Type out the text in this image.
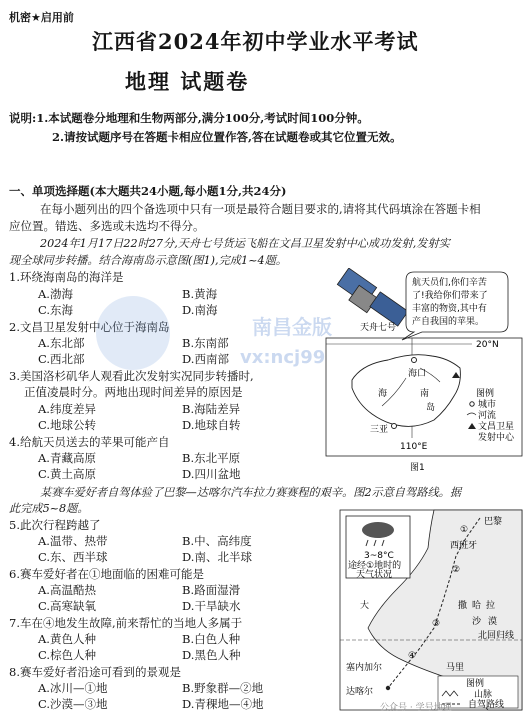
机密★启用前
江西省2024年初中学业水平考试
地理 试题卷
说明:1.本试题卷分地理和生物两部分,满分100分,考试时间100分钟。
2.请按试题序号在答题卡相应位置作答,答在试题卷或其它位置无效。
一、单项选择题(本大题共24小题,每小题1分,共24分)
在每小题列出的四个备选项中只有一项是最符合题目要求的,请将其代码填涂在答题卡相
应位置。错选、多选或未选均不得分。
2024年1月17日22时27分,天舟七号货运飞船在文昌卫星发射中心成功发射,发射实
现全球同步转播。结合海南岛示意图(图1),完成1~4题。
1.环绕海南岛的海洋是
A.渤海	B.黄海
C.东海	D.南海
2.文昌卫星发射中心位于海南岛
A.东北部	B.东南部
C.西北部	D.西南部
3.美国洛杉矶华人观看此次发射实况同步转播时,
正值凌晨时分。两地出现时间差异的原因是
A.纬度差异	B.海陆差异
C.地球公转	D.地球自转
4.给航天员送去的苹果可能产自
A.青藏高原	B.东北平原
C.黄土高原	D.四川盆地
某赛车爱好者自驾体验了巴黎—达喀尔汽车拉力赛赛程的艰辛。图2示意自驾路线。据
此完成5~8题。
5.此次行程跨越了
A.温带、热带	B.中、高纬度
C.东、西半球	D.南、北半球
6.赛车爱好者在①地面临的困难可能是
A.高温酷热	B.路面湿滑
C.高寒缺氧	D.干旱缺水
7.车在④地发生故障,前来帮忙的当地人多属于
A.黄色人种	B.白色人种
C.棕色人种	D.黑色人种
8.赛车爱好者沿途可看到的景观是
A.冰川—①地	B.野象群—②地
C.沙漠—③地	D.青稞地—④地
天舟七号
航天员们,你们辛苦
了!我给你们带来了
丰富的物资,其中有
产自我国的苹果。
20°N
110°E
海口
三亚
海	南
岛
图例
城市
河流
文昌卫星
发射中心
图1
3~8°C
途经①地时的
天气状况
巴黎
西班牙
大
北回归线
撒 哈 拉
沙 漠
马里
塞内加尔
达喀尔
①
②
③
④
图例
山脉
自驾路线
南昌金版
vx:ncj99
公众号 · 学号地理
